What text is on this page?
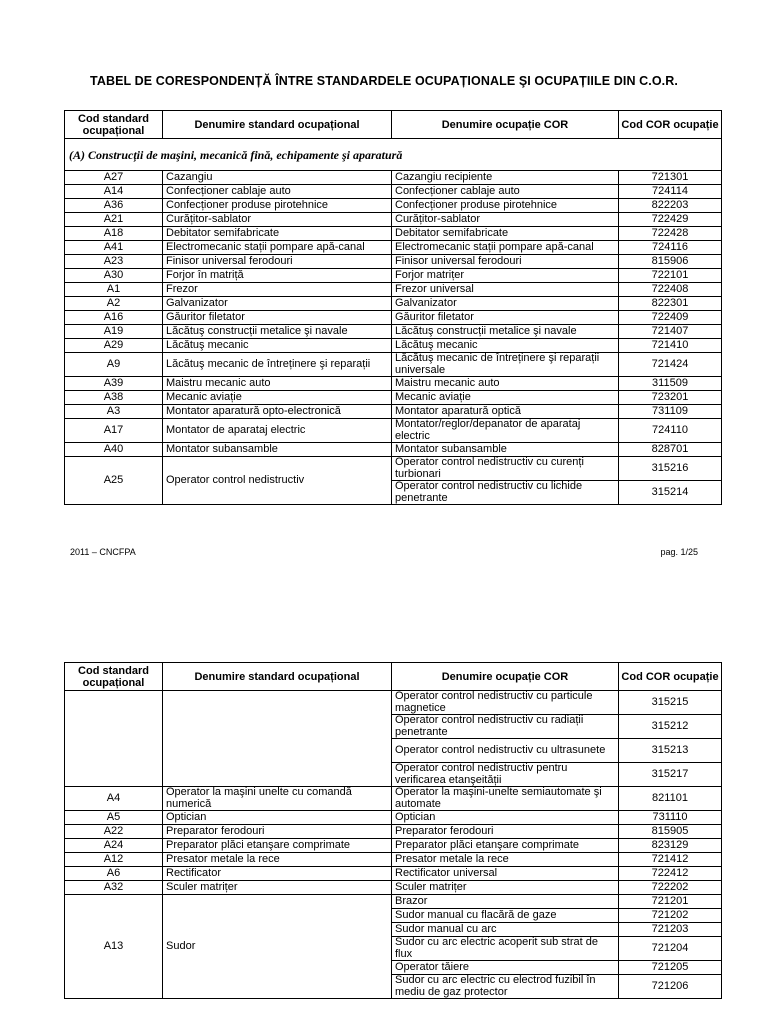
TABEL DE CORESPONDENȚĂ ÎNTRE STANDARDELE OCUPAȚIONALE ŞI OCUPAȚIILE DIN C.O.R.
Cod standard ocupațional	Denumire standard ocupațional	Denumire ocupație COR	Cod COR ocupație
(A) Construcții de maşini, mecanică fină, echipamente şi aparatură			
A27	Cazangiu	Cazangiu recipiente	721301
A14	Confecționer cablaje auto	Confecționer cablaje auto	724114
A36	Confecționer produse pirotehnice	Confecționer produse pirotehnice	822203
A21	Curățitor-sablator	Curățitor-sablator	722429
A18	Debitator semifabricate	Debitator semifabricate	722428
A41	Electromecanic stații pompare apă-canal	Electromecanic stații pompare apă-canal	724116
A23	Finisor universal ferodouri	Finisor universal ferodouri	815906
A30	Forjor în matriță	Forjor matrițer	722101
A1	Frezor	Frezor universal	722408
A2	Galvanizator	Galvanizator	822301
A16	Găuritor filetator	Găuritor filetator	722409
A19	Lăcătuş construcții metalice şi navale	Lăcătuş construcții metalice şi navale	721407
A29	Lăcătuş mecanic	Lăcătuş mecanic	721410
A9	Lăcătuş mecanic de întreținere şi reparații	Lăcătuş mecanic de întreținere şi reparații universale	721424
A39	Maistru mecanic auto	Maistru mecanic auto	311509
A38	Mecanic aviație	Mecanic aviație	723201
A3	Montator aparatură opto-electronică	Montator aparatură optică	731109
A17	Montator de aparataj electric	Montator/reglor/depanator de aparataj electric	724110
A40	Montator subansamble	Montator subansamble	828701
A25	Operator control nedistructiv	Operator control nedistructiv cu curenți turbionari	315216
		Operator control nedistructiv cu lichide penetrante	315214
2011 – CNCFPA	pag. 1/25
Cod standard ocupațional	Denumire standard ocupațional	Denumire ocupație COR	Cod COR ocupație
		Operator control nedistructiv cu particule magnetice	315215
		Operator control nedistructiv cu radiații penetrante	315212
		Operator control nedistructiv cu ultrasunete	315213
		Operator control nedistructiv pentru verificarea etanşeității	315217
A4	Operator la maşini unelte cu comandă numerică	Operator la maşini-unelte semiautomate şi automate	821101
A5	Optician	Optician	731110
A22	Preparator ferodouri	Preparator ferodouri	815905
A24	Preparator plăci etanşare comprimate	Preparator plăci etanşare comprimate	823129
A12	Presator metale la rece	Presator metale la rece	721412
A6	Rectificator	Rectificator universal	722412
A32	Sculer matrițer	Sculer matrițer	722202
A13	Sudor	Brazor	721201
		Sudor manual cu flacără de gaze	721202
		Sudor manual cu arc	721203
		Sudor cu arc electric acoperit sub strat de flux	721204
		Operator tăiere	721205
		Sudor cu arc electric cu electrod fuzibil în mediu de gaz protector	721206
